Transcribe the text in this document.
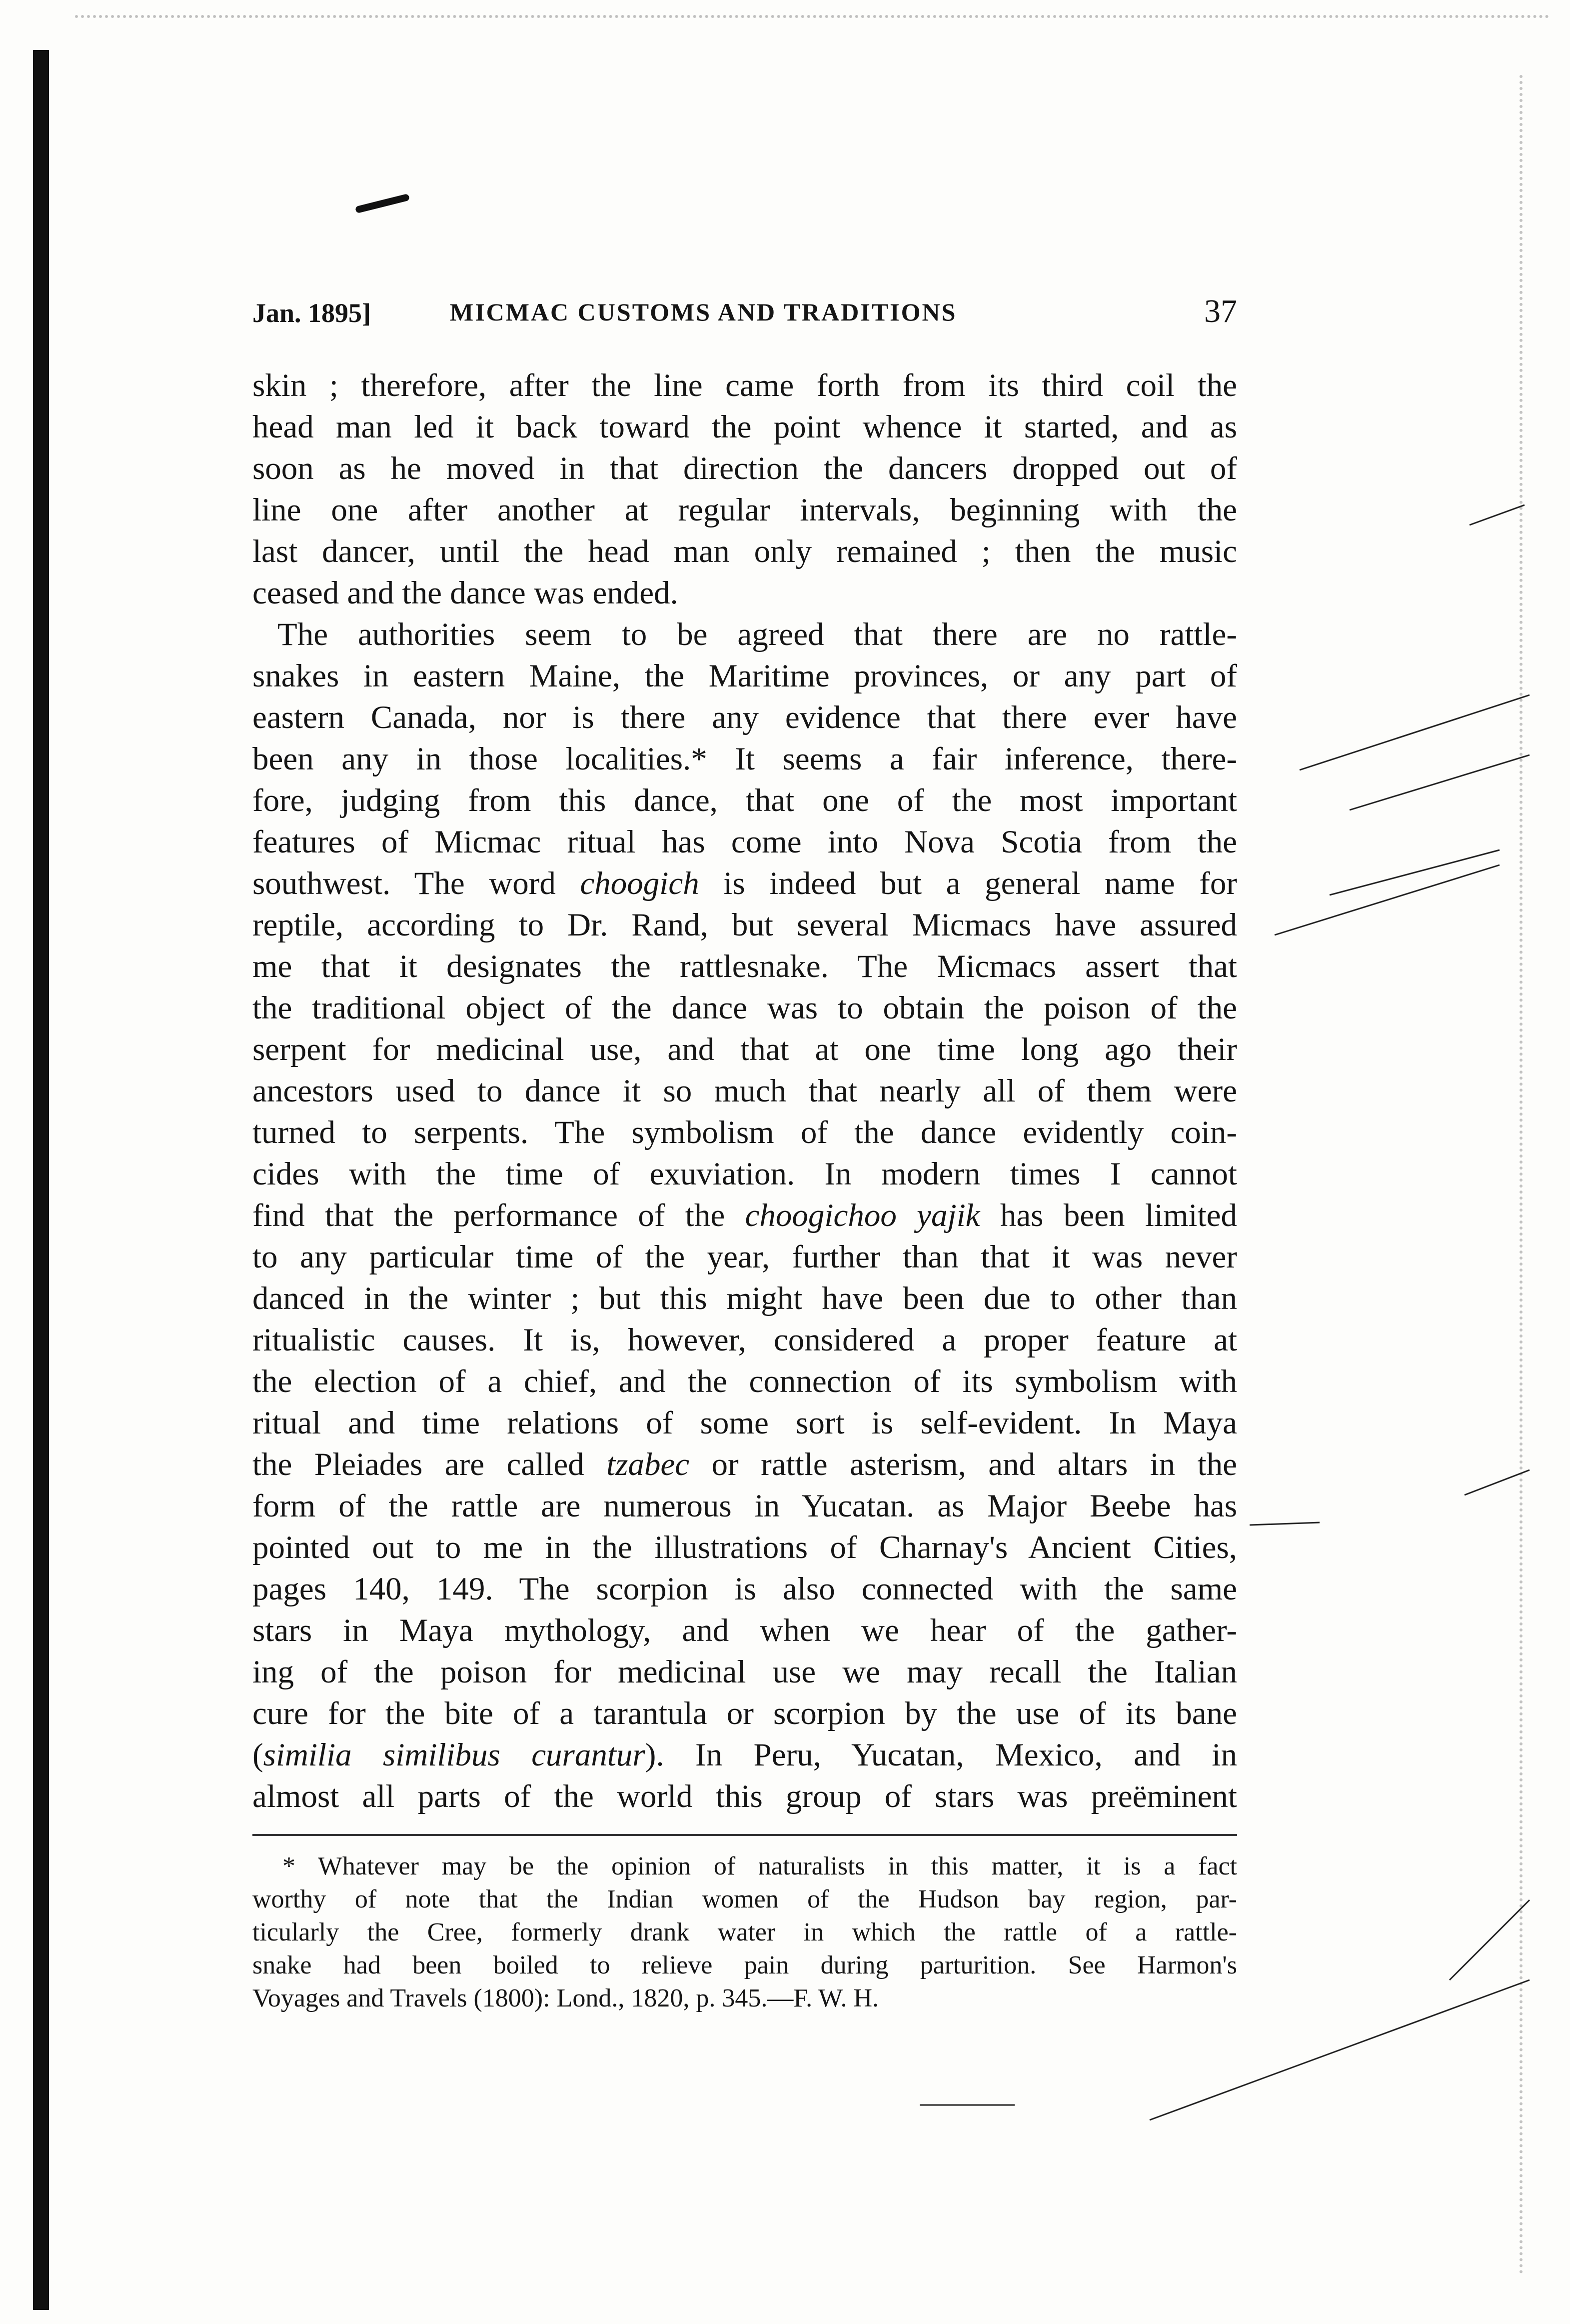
Jan. 1895]	MICMAC CUSTOMS AND TRADITIONS	37
skin ; therefore, after the line came forth from its third coil the
head man led it back toward the point whence it started, and as
soon as he moved in that direction the dancers dropped out of
line one after another at regular intervals, beginning with the
last dancer, until the head man only remained ; then the music
ceased and the dance was ended.
The authorities seem to be agreed that there are no rattle-
snakes in eastern Maine, the Maritime provinces, or any part of
eastern Canada, nor is there any evidence that there ever have
been any in those localities.* It seems a fair inference, there-
fore, judging from this dance, that one of the most important
features of Micmac ritual has come into Nova Scotia from the
southwest. The word choogich is indeed but a general name for
reptile, according to Dr. Rand, but several Micmacs have assured
me that it designates the rattlesnake. The Micmacs assert that
the traditional object of the dance was to obtain the poison of the
serpent for medicinal use, and that at one time long ago their
ancestors used to dance it so much that nearly all of them were
turned to serpents. The symbolism of the dance evidently coin-
cides with the time of exuviation. In modern times I cannot
find that the performance of the choogichoo yajik has been limited
to any particular time of the year, further than that it was never
danced in the winter ; but this might have been due to other than
ritualistic causes. It is, however, considered a proper feature at
the election of a chief, and the connection of its symbolism with
ritual and time relations of some sort is self-evident. In Maya
the Pleiades are called tzabec or rattle asterism, and altars in the
form of the rattle are numerous in Yucatan. as Major Beebe has
pointed out to me in the illustrations of Charnay's Ancient Cities,
pages 140, 149. The scorpion is also connected with the same
stars in Maya mythology, and when we hear of the gather-
ing of the poison for medicinal use we may recall the Italian
cure for the bite of a tarantula or scorpion by the use of its bane
(similia similibus curantur). In Peru, Yucatan, Mexico, and in
almost all parts of the world this group of stars was preëminent
* Whatever may be the opinion of naturalists in this matter, it is a fact
worthy of note that the Indian women of the Hudson bay region, par-
ticularly the Cree, formerly drank water in which the rattle of a rattle-
snake had been boiled to relieve pain during parturition. See Harmon's
Voyages and Travels (1800): Lond., 1820, p. 345.—F. W. H.
